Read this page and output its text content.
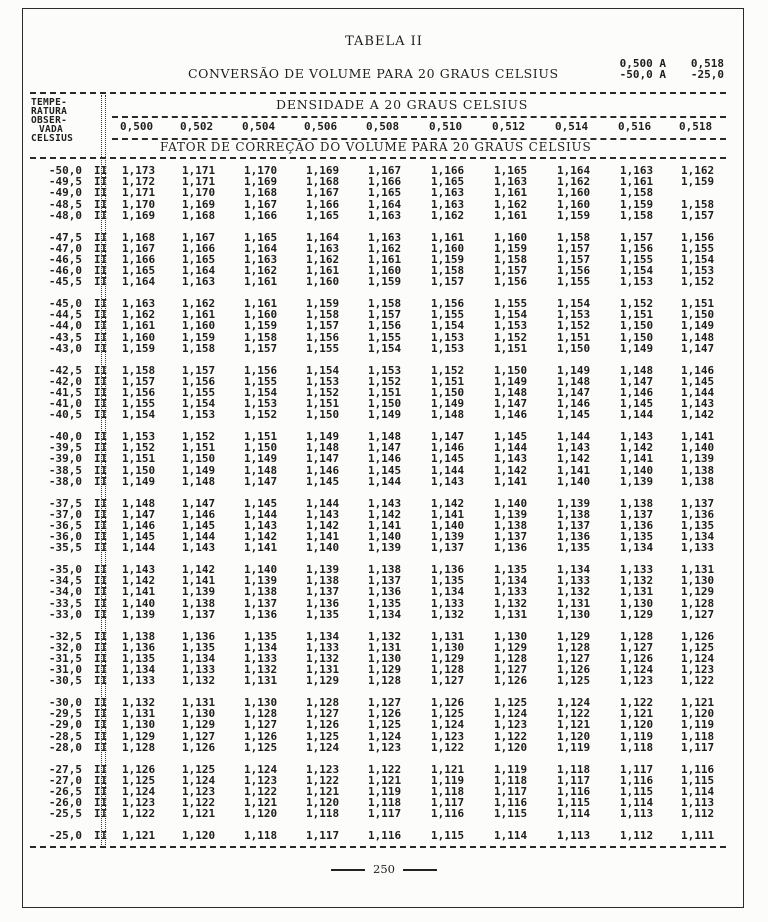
TABELA II
CONVERSÃO DE VOLUME PARA 20 GRAUS CELSIUS
0,500 A
-50,0 A
0,518
-25,0
DENSIDADE A 20 GRAUS CELSIUS
FATOR DE CORREÇÃO DO VOLUME PARA 20 GRAUS CELSIUS
TEMPE-
RATURA
OBSER-
VADA
CELSIUS
0,500	0,502	0,504	0,506	0,508	0,510	0,512	0,514	0,516	0,518
-50,0 II 1,173	1,171	1,170	1,169	1,167	1,166	1,165	1,164	1,163	1,162
-49,5 II 1,172	1,171	1,169	1,168	1,166	1,165	1,163	1,162	1,161	1,159
-49,0 II 1,171	1,170	1,168	1,167	1,165	1,163	1,161	1,160	1,158
-48,5 II 1,170	1,169	1,167	1,166	1,164	1,163	1,162	1,160	1,159	1,158
-48,0 II 1,169	1,168	1,166	1,165	1,163	1,162	1,161	1,159	1,158	1,157
-47,5 II 1,168	1,167	1,165	1,164	1,163	1,161	1,160	1,158	1,157	1,156
-47,0 II 1,167	1,166	1,164	1,163	1,162	1,160	1,159	1,157	1,156	1,155
-46,5 II 1,166	1,165	1,163	1,162	1,161	1,159	1,158	1,157	1,155	1,154
-46,0 II 1,165	1,164	1,162	1,161	1,160	1,158	1,157	1,156	1,154	1,153
-45,5 II 1,164	1,163	1,161	1,160	1,159	1,157	1,156	1,155	1,153	1,152
-45,0 II 1,163	1,162	1,161	1,159	1,158	1,156	1,155	1,154	1,152	1,151
-44,5 II 1,162	1,161	1,160	1,158	1,157	1,155	1,154	1,153	1,151	1,150
-44,0 II 1,161	1,160	1,159	1,157	1,156	1,154	1,153	1,152	1,150	1,149
-43,5 II 1,160	1,159	1,158	1,156	1,155	1,153	1,152	1,151	1,150	1,148
-43,0 II 1,159	1,158	1,157	1,155	1,154	1,153	1,151	1,150	1,149	1,147
-42,5 II 1,158	1,157	1,156	1,154	1,153	1,152	1,150	1,149	1,148	1,146
-42,0 II 1,157	1,156	1,155	1,153	1,152	1,151	1,149	1,148	1,147	1,145
-41,5 II 1,156	1,155	1,154	1,152	1,151	1,150	1,148	1,147	1,146	1,144
-41,0 II 1,155	1,154	1,153	1,151	1,150	1,149	1,147	1,146	1,145	1,143
-40,5 II 1,154	1,153	1,152	1,150	1,149	1,148	1,146	1,145	1,144	1,142
-40,0 II 1,153	1,152	1,151	1,149	1,148	1,147	1,145	1,144	1,143	1,141
-39,5 II 1,152	1,151	1,150	1,148	1,147	1,146	1,144	1,143	1,142	1,140
-39,0 II 1,151	1,150	1,149	1,147	1,146	1,145	1,143	1,142	1,141	1,139
-38,5 II 1,150	1,149	1,148	1,146	1,145	1,144	1,142	1,141	1,140	1,138
-38,0 II 1,149	1,148	1,147	1,145	1,144	1,143	1,141	1,140	1,139	1,138
-37,5 II 1,148	1,147	1,145	1,144	1,143	1,142	1,140	1,139	1,138	1,137
-37,0 II 1,147	1,146	1,144	1,143	1,142	1,141	1,139	1,138	1,137	1,136
-36,5 II 1,146	1,145	1,143	1,142	1,141	1,140	1,138	1,137	1,136	1,135
-36,0 II 1,145	1,144	1,142	1,141	1,140	1,139	1,137	1,136	1,135	1,134
-35,5 II 1,144	1,143	1,141	1,140	1,139	1,137	1,136	1,135	1,134	1,133
-35,0 II 1,143	1,142	1,140	1,139	1,138	1,136	1,135	1,134	1,133	1,131
-34,5 II 1,142	1,141	1,139	1,138	1,137	1,135	1,134	1,133	1,132	1,130
-34,0 II 1,141	1,139	1,138	1,137	1,136	1,134	1,133	1,132	1,131	1,129
-33,5 II 1,140	1,138	1,137	1,136	1,135	1,133	1,132	1,131	1,130	1,128
-33,0 II 1,139	1,137	1,136	1,135	1,134	1,132	1,131	1,130	1,129	1,127
-32,5 II 1,138	1,136	1,135	1,134	1,132	1,131	1,130	1,129	1,128	1,126
-32,0 II 1,136	1,135	1,134	1,133	1,131	1,130	1,129	1,128	1,127	1,125
-31,5 II 1,135	1,134	1,133	1,132	1,130	1,129	1,128	1,127	1,126	1,124
-31,0 II 1,134	1,133	1,132	1,131	1,129	1,128	1,127	1,126	1,124	1,123
-30,5 II 1,133	1,132	1,131	1,129	1,128	1,127	1,126	1,125	1,123	1,122
-30,0 II 1,132	1,131	1,130	1,128	1,127	1,126	1,125	1,124	1,122	1,121
-29,5 II 1,131	1,130	1,128	1,127	1,126	1,125	1,124	1,122	1,121	1,120
-29,0 II 1,130	1,129	1,127	1,126	1,125	1,124	1,123	1,121	1,120	1,119
-28,5 II 1,129	1,127	1,126	1,125	1,124	1,123	1,122	1,120	1,119	1,118
-28,0 II 1,128	1,126	1,125	1,124	1,123	1,122	1,120	1,119	1,118	1,117
-27,5 II 1,126	1,125	1,124	1,123	1,122	1,121	1,119	1,118	1,117	1,116
-27,0 II 1,125	1,124	1,123	1,122	1,121	1,119	1,118	1,117	1,116	1,115
-26,5 II 1,124	1,123	1,122	1,121	1,119	1,118	1,117	1,116	1,115	1,114
-26,0 II 1,123	1,122	1,121	1,120	1,118	1,117	1,116	1,115	1,114	1,113
-25,5 II 1,122	1,121	1,120	1,118	1,117	1,116	1,115	1,114	1,113	1,112
-25,0 II 1,121	1,120	1,118	1,117	1,116	1,115	1,114	1,113	1,112	1,111
250
